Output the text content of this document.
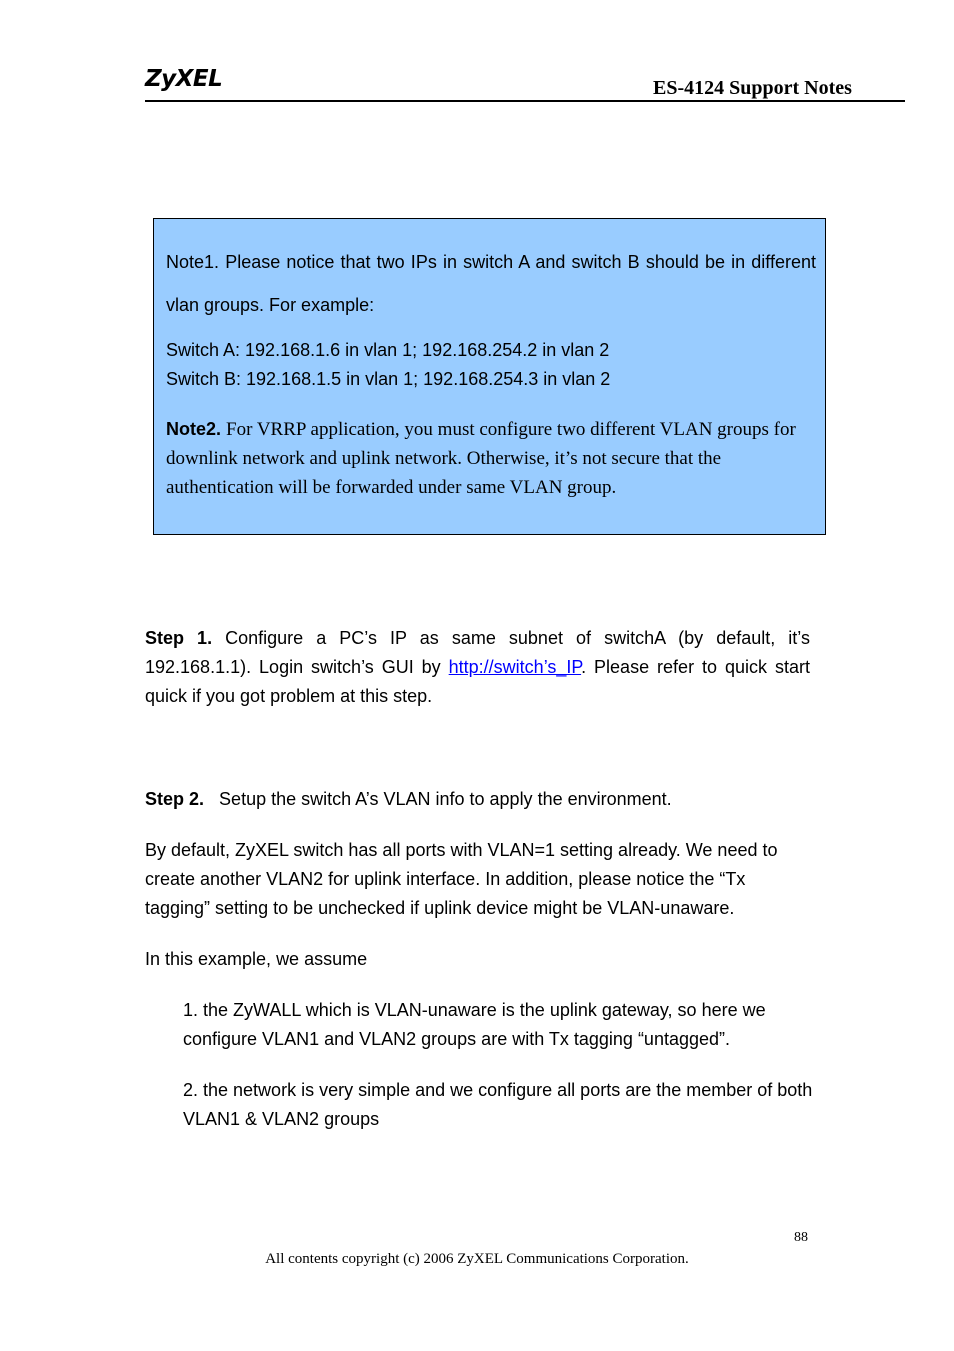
ZyXEL	ES-4124 Support Notes
Note1. Please notice that two IPs in switch A and switch B should be in different vlan groups. For example:
Switch A: 192.168.1.6 in vlan 1; 192.168.254.2 in vlan 2
Switch B: 192.168.1.5 in vlan 1; 192.168.254.3 in vlan 2
Note2. For VRRP application, you must configure two different VLAN groups for downlink network and uplink network. Otherwise, it’s not secure that the authentication will be forwarded under same VLAN group.
Step 1. Configure a PC’s IP as same subnet of switchA (by default, it’s 192.168.1.1). Login switch’s GUI by http://switch’s_IP. Please refer to quick start quick if you got problem at this step.
Step 2. Setup the switch A’s VLAN info to apply the environment.
By default, ZyXEL switch has all ports with VLAN=1 setting already. We need to create another VLAN2 for uplink interface. In addition, please notice the “Tx tagging” setting to be unchecked if uplink device might be VLAN-unaware.
In this example, we assume
1. the ZyWALL which is VLAN-unaware is the uplink gateway, so here we configure VLAN1 and VLAN2 groups are with Tx tagging “untagged”.
2. the network is very simple and we configure all ports are the member of both VLAN1 & VLAN2 groups
88
All contents copyright (c) 2006 ZyXEL Communications Corporation.
